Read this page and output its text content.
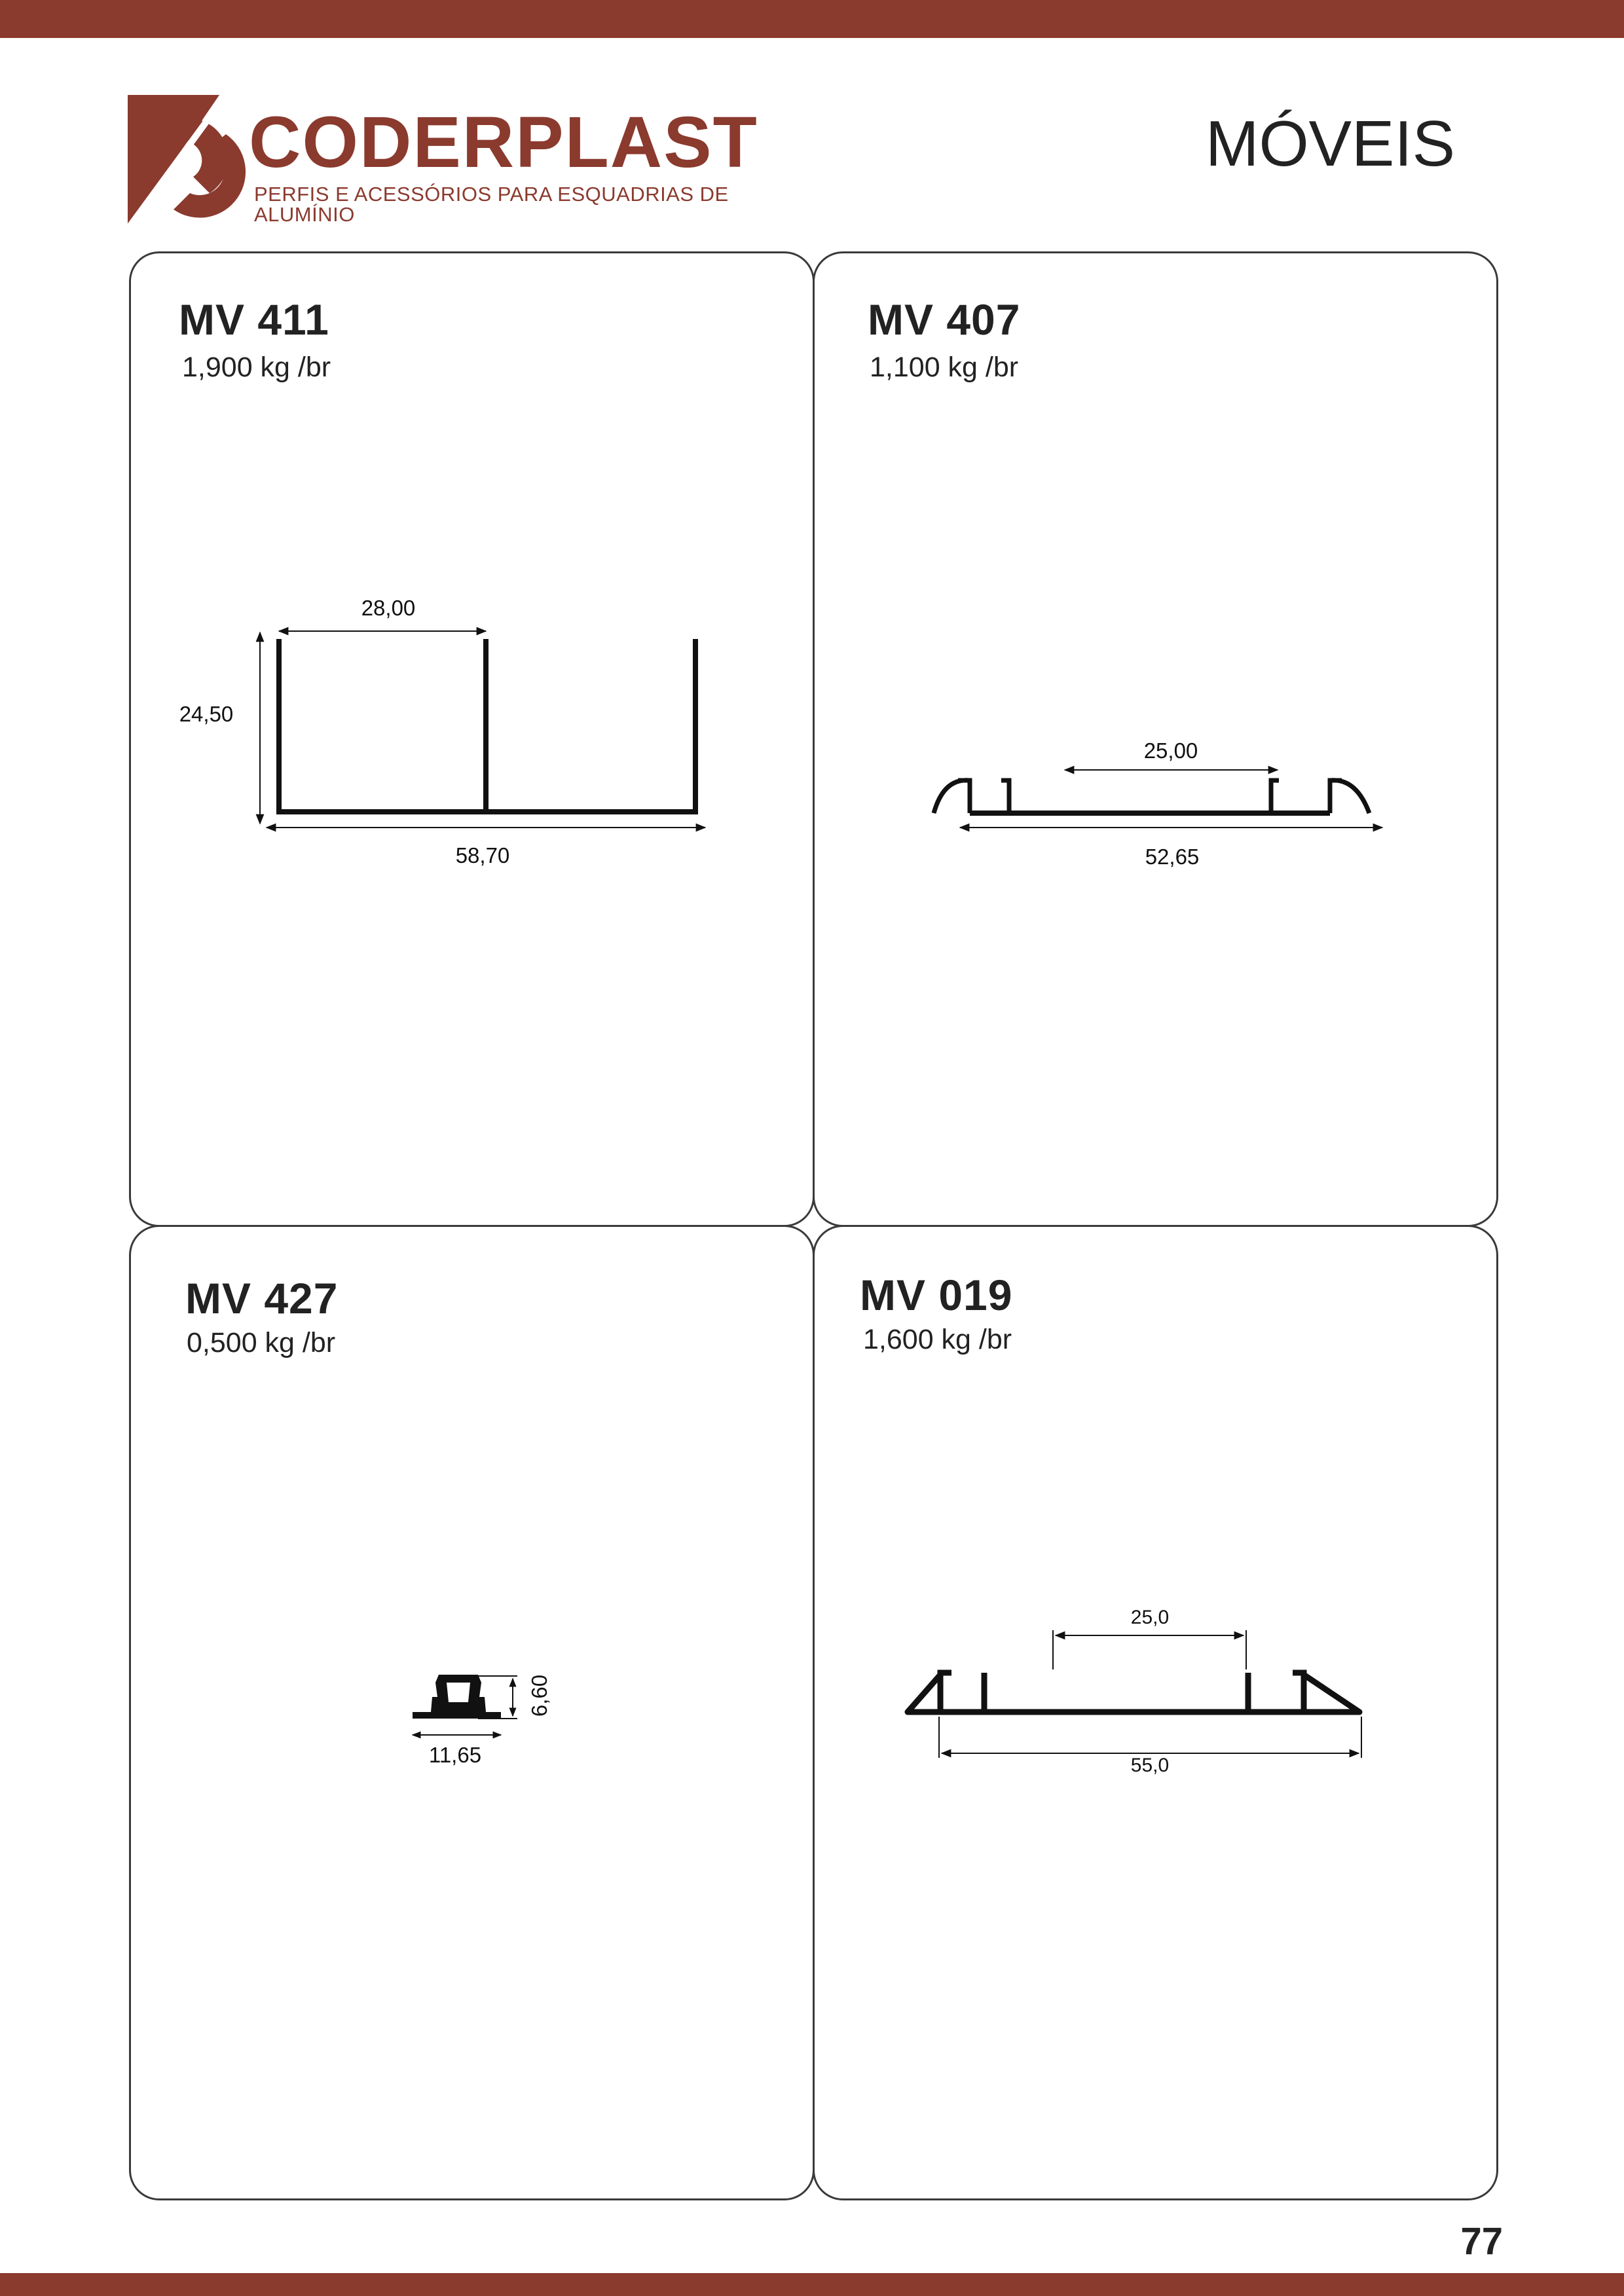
CODERPLAST
PERFIS E ACESSÓRIOS PARA ESQUADRIAS DE ALUMÍNIO
MÓVEIS
MV 411
1,900 kg /br
28,00
24,50
58,70
MV 407
1,100 kg /br
25,00
52,65
MV 427
0,500 kg /br
11,65
6,60
MV 019
1,600 kg /br
25,0
55,0
77
